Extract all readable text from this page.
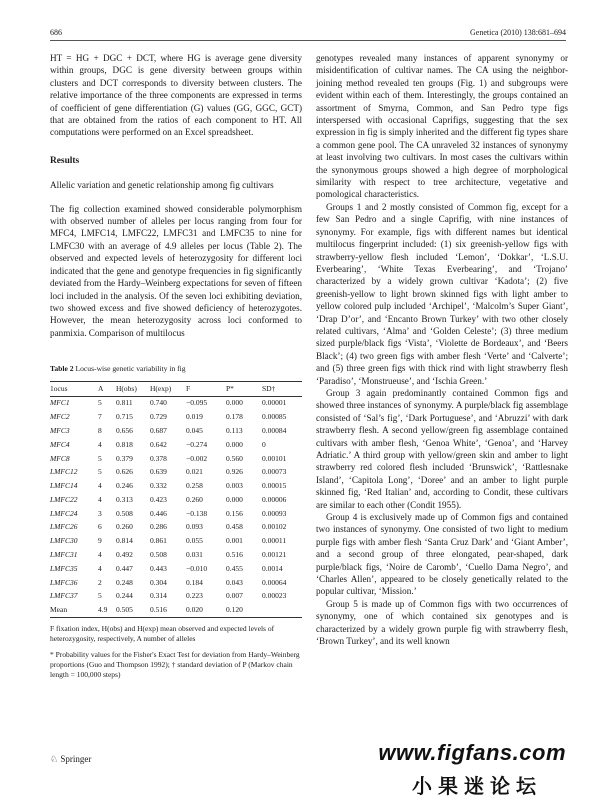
686	Genetica (2010) 138:681–694

HT = HG + DGC + DCT, where HG is average gene diversity within groups, DGC is gene diversity between groups within clusters and DCT corresponds to diversity between clusters. The relative importance of the three components are expressed in terms of coefficient of gene differentiation (G) values (GG, GGC, GCT) that are obtained from the ratios of each component to HT. All computations were performed on an Excel spreadsheet.

Results

Allelic variation and genetic relationship among fig cultivars

The fig collection examined showed considerable polymorphism with observed number of alleles per locus ranging from four for MFC4, LMFC14, LMFC22, LMFC31 and LMFC35 to nine for LMFC30 with an average of 4.9 alleles per locus (Table 2). The observed and expected levels of heterozygosity for different loci indicated that the gene and genotype frequencies in fig significantly deviated from the Hardy–Weinberg expectations for seven of fifteen loci included in the analysis. Of the seven loci exhibiting deviation, two showed excess and five showed deficiency of heterozygotes. However, the mean heterozygosity across loci conformed to panmixia. Comparison of multilocus

Table 2 Locus-wise genetic variability in fig

1ocus	A	H(obs)	H(exp)	F	P*	SD†
MFC1	5	0.811	0.740	−0.095	0.000	0.00001
MFC2	7	0.715	0.729	0.019	0.178	0.00085
MFC3	8	0.656	0.687	0.045	0.113	0.00084
MFC4	4	0.818	0.642	−0.274	0.000	0
MFC8	5	0.379	0.378	−0.002	0.560	0.00101
LMFC12	5	0.626	0.639	0.021	0.926	0.00073
LMFC14	4	0.246	0.332	0.258	0.003	0.00015
LMFC22	4	0.313	0.423	0.260	0.000	0.00006
LMFC24	3	0.508	0.446	−0.138	0.156	0.00093
LMFC26	6	0.260	0.286	0.093	0.458	0.00102
LMFC30	9	0.814	0.861	0.055	0.001	0.00011
LMFC31	4	0.492	0.508	0.031	0.516	0.00121
LMFC35	4	0.447	0.443	−0.010	0.455	0.0014
LMFC36	2	0.248	0.304	0.184	0.043	0.00064
LMFC37	5	0.244	0.314	0.223	0.007	0.00023
Mean	4.9	0.505	0.516	0.020	0.120	

F fixation index, H(obs) and H(exp) mean observed and expected levels of heterozygosity, respectively, A number of alleles

* Probability values for the Fisher's Exact Test for deviation from Hardy–Weinberg proportions (Guo and Thompson 1992); † standard deviation of P (Markov chain length = 100,000 steps)

genotypes revealed many instances of apparent synonymy or misidentification of cultivar names. The CA using the neighbor-joining method revealed ten groups (Fig. 1) and subgroups were evident within each of them. Interestingly, the groups contained an assortment of Smyrna, Common, and San Pedro type figs interspersed with occasional Caprifigs, suggesting that the sex expression in fig is simply inherited and the different fig types share a common gene pool. The CA unraveled 32 instances of synonymy at least involving two cultivars. In most cases the cultivars within the synonymous groups showed a high degree of morphological similarity with respect to tree architecture, vegetative and pomological characteristics.

Groups 1 and 2 mostly consisted of Common fig, except for a few San Pedro and a single Caprifig, with nine instances of synonymy. For example, figs with different names but identical multilocus fingerprint included: (1) six greenish-yellow figs with strawberry-yellow flesh included ‘Lemon’, ‘Dokkar’, ‘L.S.U. Everbearing’, ‘White Texas Everbearing’, and ‘Trojano’ characterized by a widely grown cultivar ‘Kadota’; (2) five greenish-yellow to light brown skinned figs with light amber to yellow colored pulp included ‘Archipel’, ‘Malcolm’s Super Giant’, ‘Drap D’or’, and ‘Encanto Brown Turkey’ with two other closely related cultivars, ‘Alma’ and ‘Golden Celeste’; (3) three medium sized purple/black figs ‘Vista’, ‘Violette de Bordeaux’, and ‘Beers Black’; (4) two green figs with amber flesh ‘Verte’ and ‘Calverte’; and (5) three green figs with thick rind with light strawberry flesh ‘Paradiso’, ‘Monstrueuse’, and ‘Ischia Green.’

Group 3 again predominantly contained Common figs and showed three instances of synonymy. A purple/black fig assemblage consisted of ‘Sal’s fig’, ‘Dark Portuguese’, and ‘Abruzzi’ with dark strawberry flesh. A second yellow/green fig assemblage contained cultivars with amber flesh, ‘Genoa White’, ‘Genoa’, and ‘Harvey Adriatic.’ A third group with yellow/green skin and amber to light strawberry red colored flesh included ‘Brunswick’, ‘Rattlesnake Island’, ‘Capitola Long’, ‘Doree’ and an amber to light purple skinned fig, ‘Red Italian’ and, according to Condit, these cultivars are similar to each other (Condit 1955).

Group 4 is exclusively made up of Common figs and contained two instances of synonymy. One consisted of two light to medium purple figs with amber flesh ‘Santa Cruz Dark’ and ‘Giant Amber’, and a second group of three elongated, pear-shaped, dark purple/black figs, ‘Noire de Caromb’, ‘Cuello Dama Negro’, and ‘Charles Allen’, appeared to be closely genetically related to the popular cultivar, ‘Mission.’

Group 5 is made up of Common figs with two occurrences of synonymy, one of which contained six genotypes and is characterized by a widely grown purple fig with strawberry flesh, ‘Brown Turkey’, and its well known

♘ Springer	www.figfans.com
小果迷论坛
